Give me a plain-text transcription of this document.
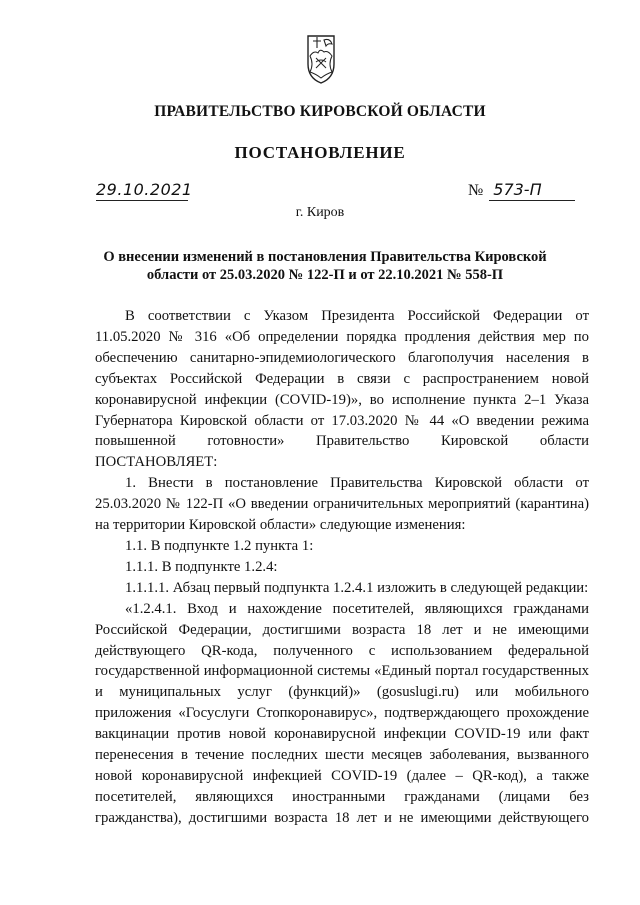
ПРАВИТЕЛЬСТВО КИРОВСКОЙ ОБЛАСТИ
ПОСТАНОВЛЕНИЕ
29.10.2021	№ 573-П
г. Киров
О внесении изменений в постановления Правительства Кировской области от 25.03.2020 № 122-П и от 22.10.2021 № 558-П

В соответствии с Указом Президента Российской Федерации от 11.05.2020 № 316 «Об определении порядка продления действия мер по обеспечению санитарно-эпидемиологического благополучия населения в субъектах Российской Федерации в связи с распространением новой коронавирусной инфекции (COVID-19)», во исполнение пункта 2–1 Указа Губернатора Кировской области от 17.03.2020 № 44 «О введении режима повышенной готовности» Правительство Кировской области ПОСТАНОВЛЯЕТ:

1. Внести в постановление Правительства Кировской области от 25.03.2020 № 122-П «О введении ограничительных мероприятий (карантина) на территории Кировской области» следующие изменения:

1.1. В подпункте 1.2 пункта 1:

1.1.1. В подпункте 1.2.4:

1.1.1.1. Абзац первый подпункта 1.2.4.1 изложить в следующей редакции:

«1.2.4.1. Вход и нахождение посетителей, являющихся гражданами Российской Федерации, достигшими возраста 18 лет и не имеющими действующего QR-кода, полученного с использованием федеральной государственной информационной системы «Единый портал государственных и муниципальных услуг (функций)» (gosuslugi.ru) или мобильного приложения «Госуслуги Стопкоронавирус», подтверждающего прохождение вакцинации против новой коронавирусной инфекции COVID-19 или факт перенесения в течение последних шести месяцев заболевания, вызванного новой коронавирусной инфекцией COVID-19 (далее – QR-код), а также посетителей, являющихся иностранными гражданами (лицами без гражданства), достигшими возраста 18 лет и не имеющими действующего
